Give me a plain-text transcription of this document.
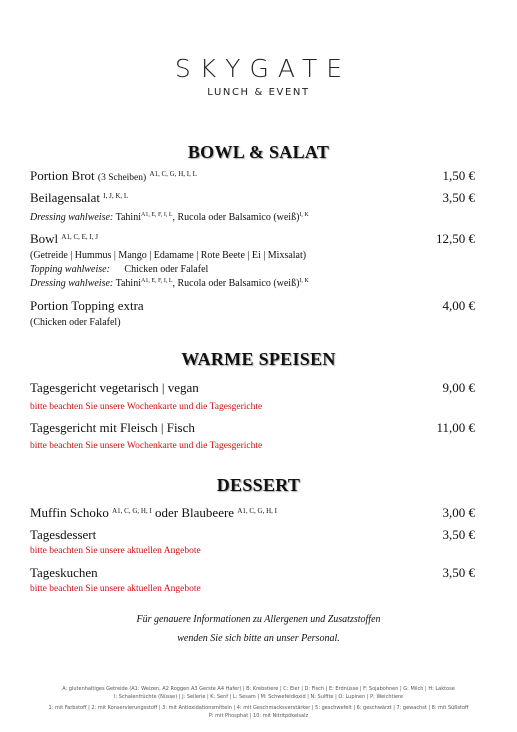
SKYGATE
LUNCH & EVENT
BOWL & SALAT
Portion Brot (3 Scheiben) $^{A1, C, G, H, I, L}$	1,50 €
Beilagensalat $^{I, J, K, L}$	3,50 €
Dressing wahlweise: Tahini$^{A1, E, F, I, L}$, Rucola oder Balsamico (weiß)$^{I, K}$
Bowl $^{A1, C, E, I, J}$	12,50 €
(Getreide | Hummus | Mango | Edamame | Rote Beete | Ei | Mixsalat)
Topping wahlweise: Chicken oder Falafel
Dressing wahlweise: Tahini$^{A1, E, F, I, L}$, Rucola oder Balsamico (weiß)$^{I, K}$
Portion Topping extra	4,00 €
(Chicken oder Falafel)
WARME SPEISEN
Tagesgericht vegetarisch | vegan	9,00 €
bitte beachten Sie unsere Wochenkarte und die Tagesgerichte
Tagesgericht mit Fleisch | Fisch	11,00 €
bitte beachten Sie unsere Wochenkarte und die Tagesgerichte
DESSERT
Muffin Schoko $^{A1, C, G, H, I}$ oder Blaubeere $^{A1, C, G, H, I}$	3,00 €
Tagesdessert	3,50 €
bitte beachten Sie unsere aktuellen Angebote
Tageskuchen	3,50 €
bitte beachten Sie unsere aktuellen Angebote
Für genauere Informationen zu Allergenen und Zusatzstoffen
wenden Sie sich bitte an unser Personal.
A: glutenhaltiges Getreide (A1: Weizen, A2 Roggen A3 Gerste A4 Hafer) | B: Krebstiere | C: Eier | D: Fisch | E: Erdnüsse | F: Sojabohnen | G: Milch | H: Laktose
I: Schalenfrüchte (Nüsse) | J: Sellerie | K: Senf | L: Sesam | M: Schwefeldioxid | N: Sulfite | O: Lupinen | P: Weichtiere
1: mit Farbstoff | 2: mit Konservierungsstoff | 3: mit Antioxidationsmitteln | 4: mit Geschmacksverstärker | 5: geschwefelt | 6: geschwärzt | 7: gewachst | 8: mit Süßstoff
P: mit Phosphat | 10: mit Nitritpökelsalz
